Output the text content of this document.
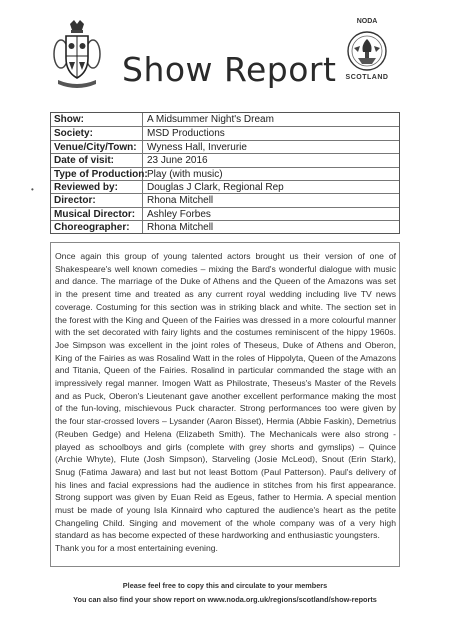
Show Report
NODA
SCOTLAND
•
Show:	A Midsummer Night's Dream
Society:	MSD Productions
Venue/City/Town: Wyness Hall, Inverurie
Date of visit:	23 June 2016
Type of Production: Play (with music)
Reviewed by:	Douglas J Clark, Regional Rep
Director:	Rhona Mitchell
Musical Director: Ashley Forbes
Choreographer: Rhona Mitchell

Once again this group of young talented actors brought us their version of one of Shakespeare's well known comedies – mixing the Bard's wonderful dialogue with music and dance. The marriage of the Duke of Athens and the Queen of the Amazons was set in the present time and treated as any current royal wedding including live TV news coverage. Costuming for this section was in striking black and white. The section set in the forest with the King and Queen of the Fairies was dressed in a more colourful manner with the set decorated with fairy lights and the costumes reminiscent of the hippy 1960s. Joe Simpson was excellent in the joint roles of Theseus, Duke of Athens and Oberon, King of the Fairies as was Rosalind Watt in the roles of Hippolyta, Queen of the Amazons and Titania, Queen of the Fairies. Rosalind in particular commanded the stage with an impressively regal manner. Imogen Watt as Philostrate, Theseus's Master of the Revels and as Puck, Oberon's Lieutenant gave another excellent performance making the most of the fun-loving, mischievous Puck character. Strong performances too were given by the four star-crossed lovers – Lysander (Aaron Bisset), Hermia (Abbie Faskin), Demetrius (Reuben Gedge) and Helena (Elizabeth Smith). The Mechanicals were also strong - played as schoolboys and girls (complete with grey shorts and gymslips) – Quince (Archie Whyte), Flute (Josh Simpson), Starveling (Josie McLeod), Snout (Erin Stark), Snug (Fatima Jawara) and last but not least Bottom (Paul Patterson). Paul's delivery of his lines and facial expressions had the audience in stitches from his first appearance. Strong support was given by Euan Reid as Egeus, father to Hermia. A special mention must be made of young Isla Kinnaird who captured the audience's heart as the petite Changeling Child. Singing and movement of the whole company was of a very high standard as has become expected of these hardworking and enthusiastic youngsters.

Thank you for a most entertaining evening.

Please feel free to copy this and circulate to your members
You can also find your show report on www.noda.org.uk/regions/scotland/show-reports
